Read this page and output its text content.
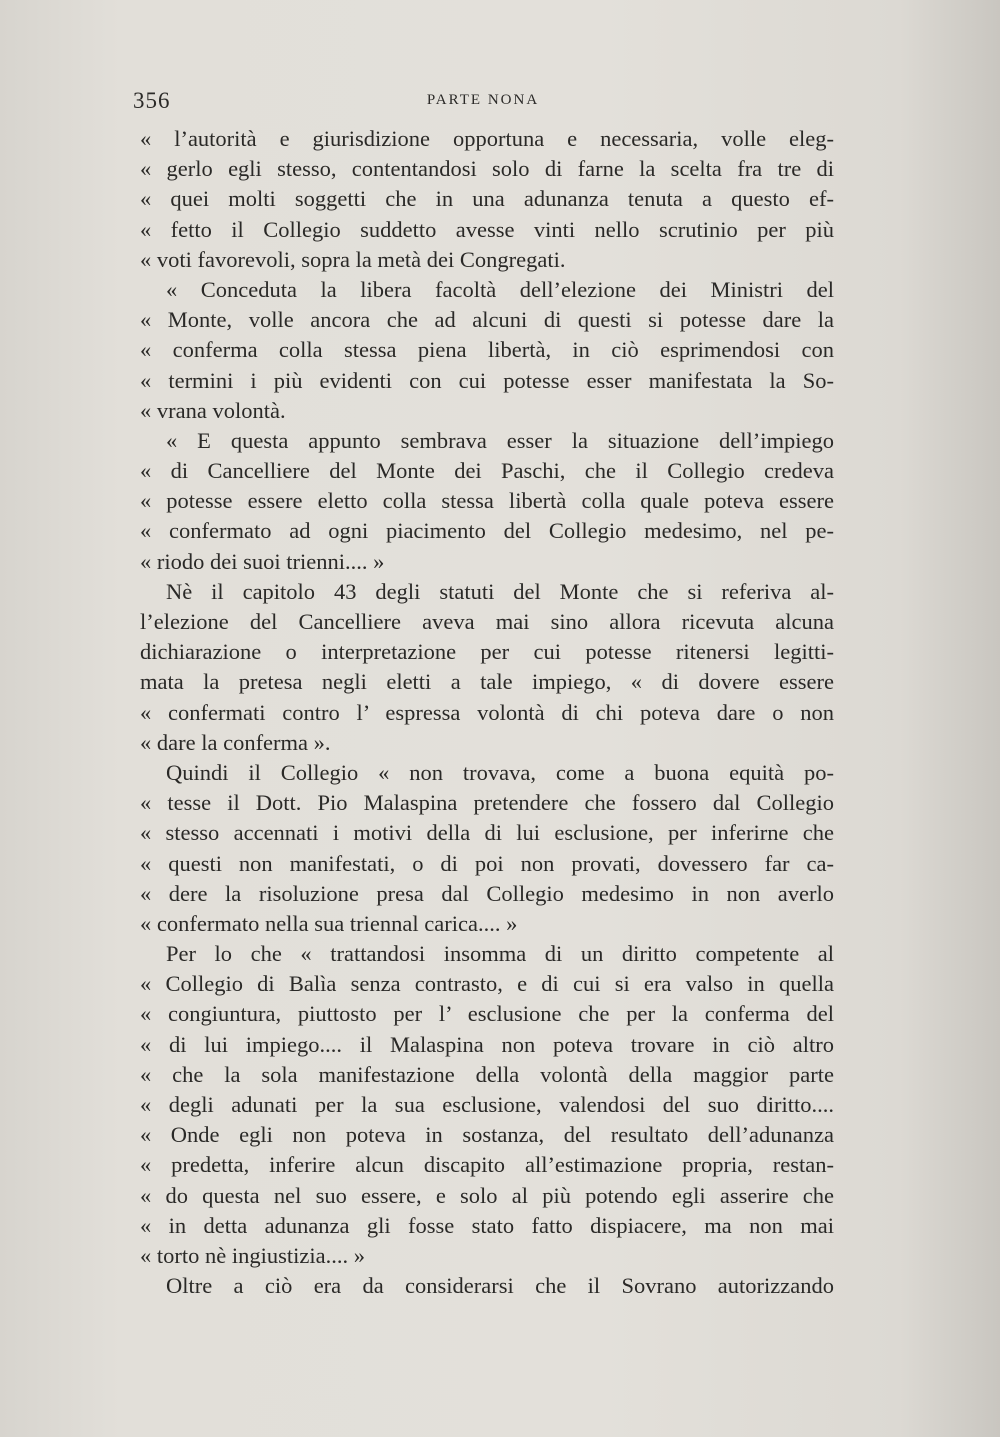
356	PARTE NONA
« l’autorità e giurisdizione opportuna e necessaria, volle eleg-
« gerlo egli stesso, contentandosi solo di farne la scelta fra tre di
« quei molti soggetti che in una adunanza tenuta a questo ef-
« fetto il Collegio suddetto avesse vinti nello scrutinio per più
« voti favorevoli, sopra la metà dei Congregati.
« Conceduta la libera facoltà dell’elezione dei Ministri del
« Monte, volle ancora che ad alcuni di questi si potesse dare la
« conferma colla stessa piena libertà, in ciò esprimendosi con
« termini i più evidenti con cui potesse esser manifestata la So-
« vrana volontà.
« E questa appunto sembrava esser la situazione dell’impiego
« di Cancelliere del Monte dei Paschi, che il Collegio credeva
« potesse essere eletto colla stessa libertà colla quale poteva essere
« confermato ad ogni piacimento del Collegio medesimo, nel pe-
« riodo dei suoi trienni.... »
Nè il capitolo 43 degli statuti del Monte che si referiva al-
l’elezione del Cancelliere aveva mai sino allora ricevuta alcuna
dichiarazione o interpretazione per cui potesse ritenersi legitti-
mata la pretesa negli eletti a tale impiego, « di dovere essere
« confermati contro l’ espressa volontà di chi poteva dare o non
« dare la conferma ».
Quindi il Collegio « non trovava, come a buona equità po-
« tesse il Dott. Pio Malaspina pretendere che fossero dal Collegio
« stesso accennati i motivi della di lui esclusione, per inferirne che
« questi non manifestati, o di poi non provati, dovessero far ca-
« dere la risoluzione presa dal Collegio medesimo in non averlo
« confermato nella sua triennal carica.... »
Per lo che « trattandosi insomma di un diritto competente al
« Collegio di Balìa senza contrasto, e di cui si era valso in quella
« congiuntura, piuttosto per l’ esclusione che per la conferma del
« di lui impiego.... il Malaspina non poteva trovare in ciò altro
« che la sola manifestazione della volontà della maggior parte
« degli adunati per la sua esclusione, valendosi del suo diritto....
« Onde egli non poteva in sostanza, del resultato dell’adunanza
« predetta, inferire alcun discapito all’estimazione propria, restan-
« do questa nel suo essere, e solo al più potendo egli asserire che
« in detta adunanza gli fosse stato fatto dispiacere, ma non mai
« torto nè ingiustizia.... »
Oltre a ciò era da considerarsi che il Sovrano autorizzando
